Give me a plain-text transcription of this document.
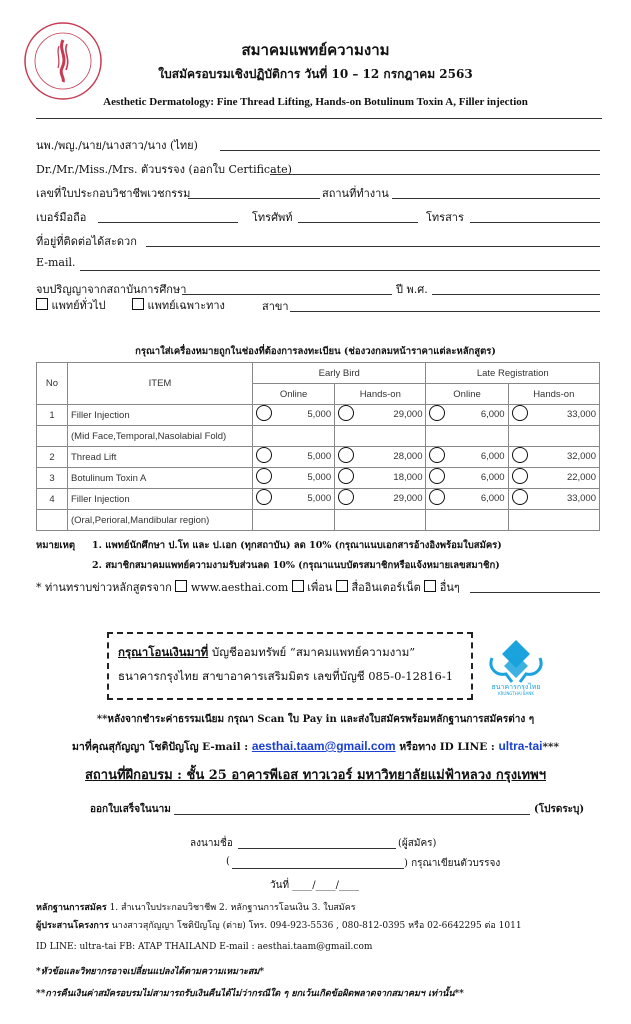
สมาคมแพทย์ความงาม
ใบสมัครอบรมเชิงปฏิบัติการ วันที่ 10 – 12 กรกฎาคม 2563
Aesthetic Dermatology: Fine Thread Lifting, Hands-on Botulinum Toxin A, Filler injection
นพ./พญ./นาย/นางสาว/นาง (ไทย)
Dr./Mr./Miss./Mrs. ตัวบรรจง (ออกใบ Certificate)
เลขที่ใบประกอบวิชาชีพเวชกรรม	สถานที่ทำงาน
เบอร์มือถือ	โทรศัพท์	โทรสาร
ที่อยู่ที่ติดต่อได้สะดวก
E-mail.
จบปริญญาจากสถาบันการศึกษา	ปี พ.ศ.
แพทย์ทั่วไป	แพทย์เฉพาะทาง	สาขา
กรุณาใส่เครื่องหมายถูกในช่องที่ต้องการลงทะเบียน (ช่องวงกลมหน้าราคาแต่ละหลักสูตร)
No	ITEM	Early Bird		Late Registration	
		Online	Hands-on	Online	Hands-on
1	Filler Injection	5,000	29,000	6,000	33,000

	(Mid Face,Temporal,Nasolabial Fold)				
2	Thread Lift	5,000	28,000	6,000	32,000

3	Botulinum Toxin A	5,000	18,000	6,000	22,000

4	Filler Injection	5,000	29,000	6,000	33,000

	(Oral,Perioral,Mandibular region)				
หมายเหตุ 1. แพทย์นักศึกษา ป.โท และ ป.เอก (ทุกสถาบัน) ลด 10% (กรุณาแนบเอกสารอ้างอิงพร้อมใบสมัคร)
2. สมาชิกสมาคมแพทย์ความงามรับส่วนลด 10% (กรุณาแนบบัตรสมาชิกหรือแจ้งหมายเลขสมาชิก)
* ท่านทราบข่าวหลักสูตรจาก www.aesthai.com เพื่อน สื่ออินเตอร์เน็ต อื่นๆ
กรุณาโอนเงินมาที่ บัญชีออมทรัพย์ “สมาคมแพทย์ความงาม”
ธนาคารกรุงไทย สาขาอาคารเสริมมิตร เลขที่บัญชี 085-0-12816-1
ธนาคารกรุงไทย
KRUNGTHAI BANK
**หลังจากชำระค่าธรรมเนียม กรุณา Scan ใบ Pay in และส่งใบสมัครพร้อมหลักฐานการสมัครต่าง ๆ
มาที่คุณสุกัญญา โชติปัญโญ E-mail : aesthai.taam@gmail.com หรือทาง ID LINE : ultra-tai***
สถานที่ฝึกอบรม : ชั้น 25 อาคารพีเอส ทาวเวอร์ มหาวิทยาลัยแม่ฟ้าหลวง กรุงเทพฯ
ออกใบเสร็จในนาม	(โปรดระบุ)
ลงนามชื่อ	(ผู้สมัคร)
(	) กรุณาเขียนตัวบรรจง
วันที่ ____/____/____
หลักฐานการสมัคร 1. สำเนาใบประกอบวิชาชีพ 2. หลักฐานการโอนเงิน 3. ใบสมัคร
ผู้ประสานโครงการ นางสาวสุกัญญา โชติปัญโญ (ต่าย) โทร. 094-923-5536 , 080-812-0395 หรือ 02-6642295 ต่อ 1011
ID LINE: ultra-tai FB: ATAP THAILAND E-mail : aesthai.taam@gmail.com
*หัวข้อและวิทยากรอาจเปลี่ยนแปลงได้ตามความเหมาะสม*
**การคืนเงินค่าสมัครอบรมไม่สามารถรับเงินคืนได้ไม่ว่ากรณีใด ๆ ยกเว้นเกิดข้อผิดพลาดจากสมาคมฯ เท่านั้น**
